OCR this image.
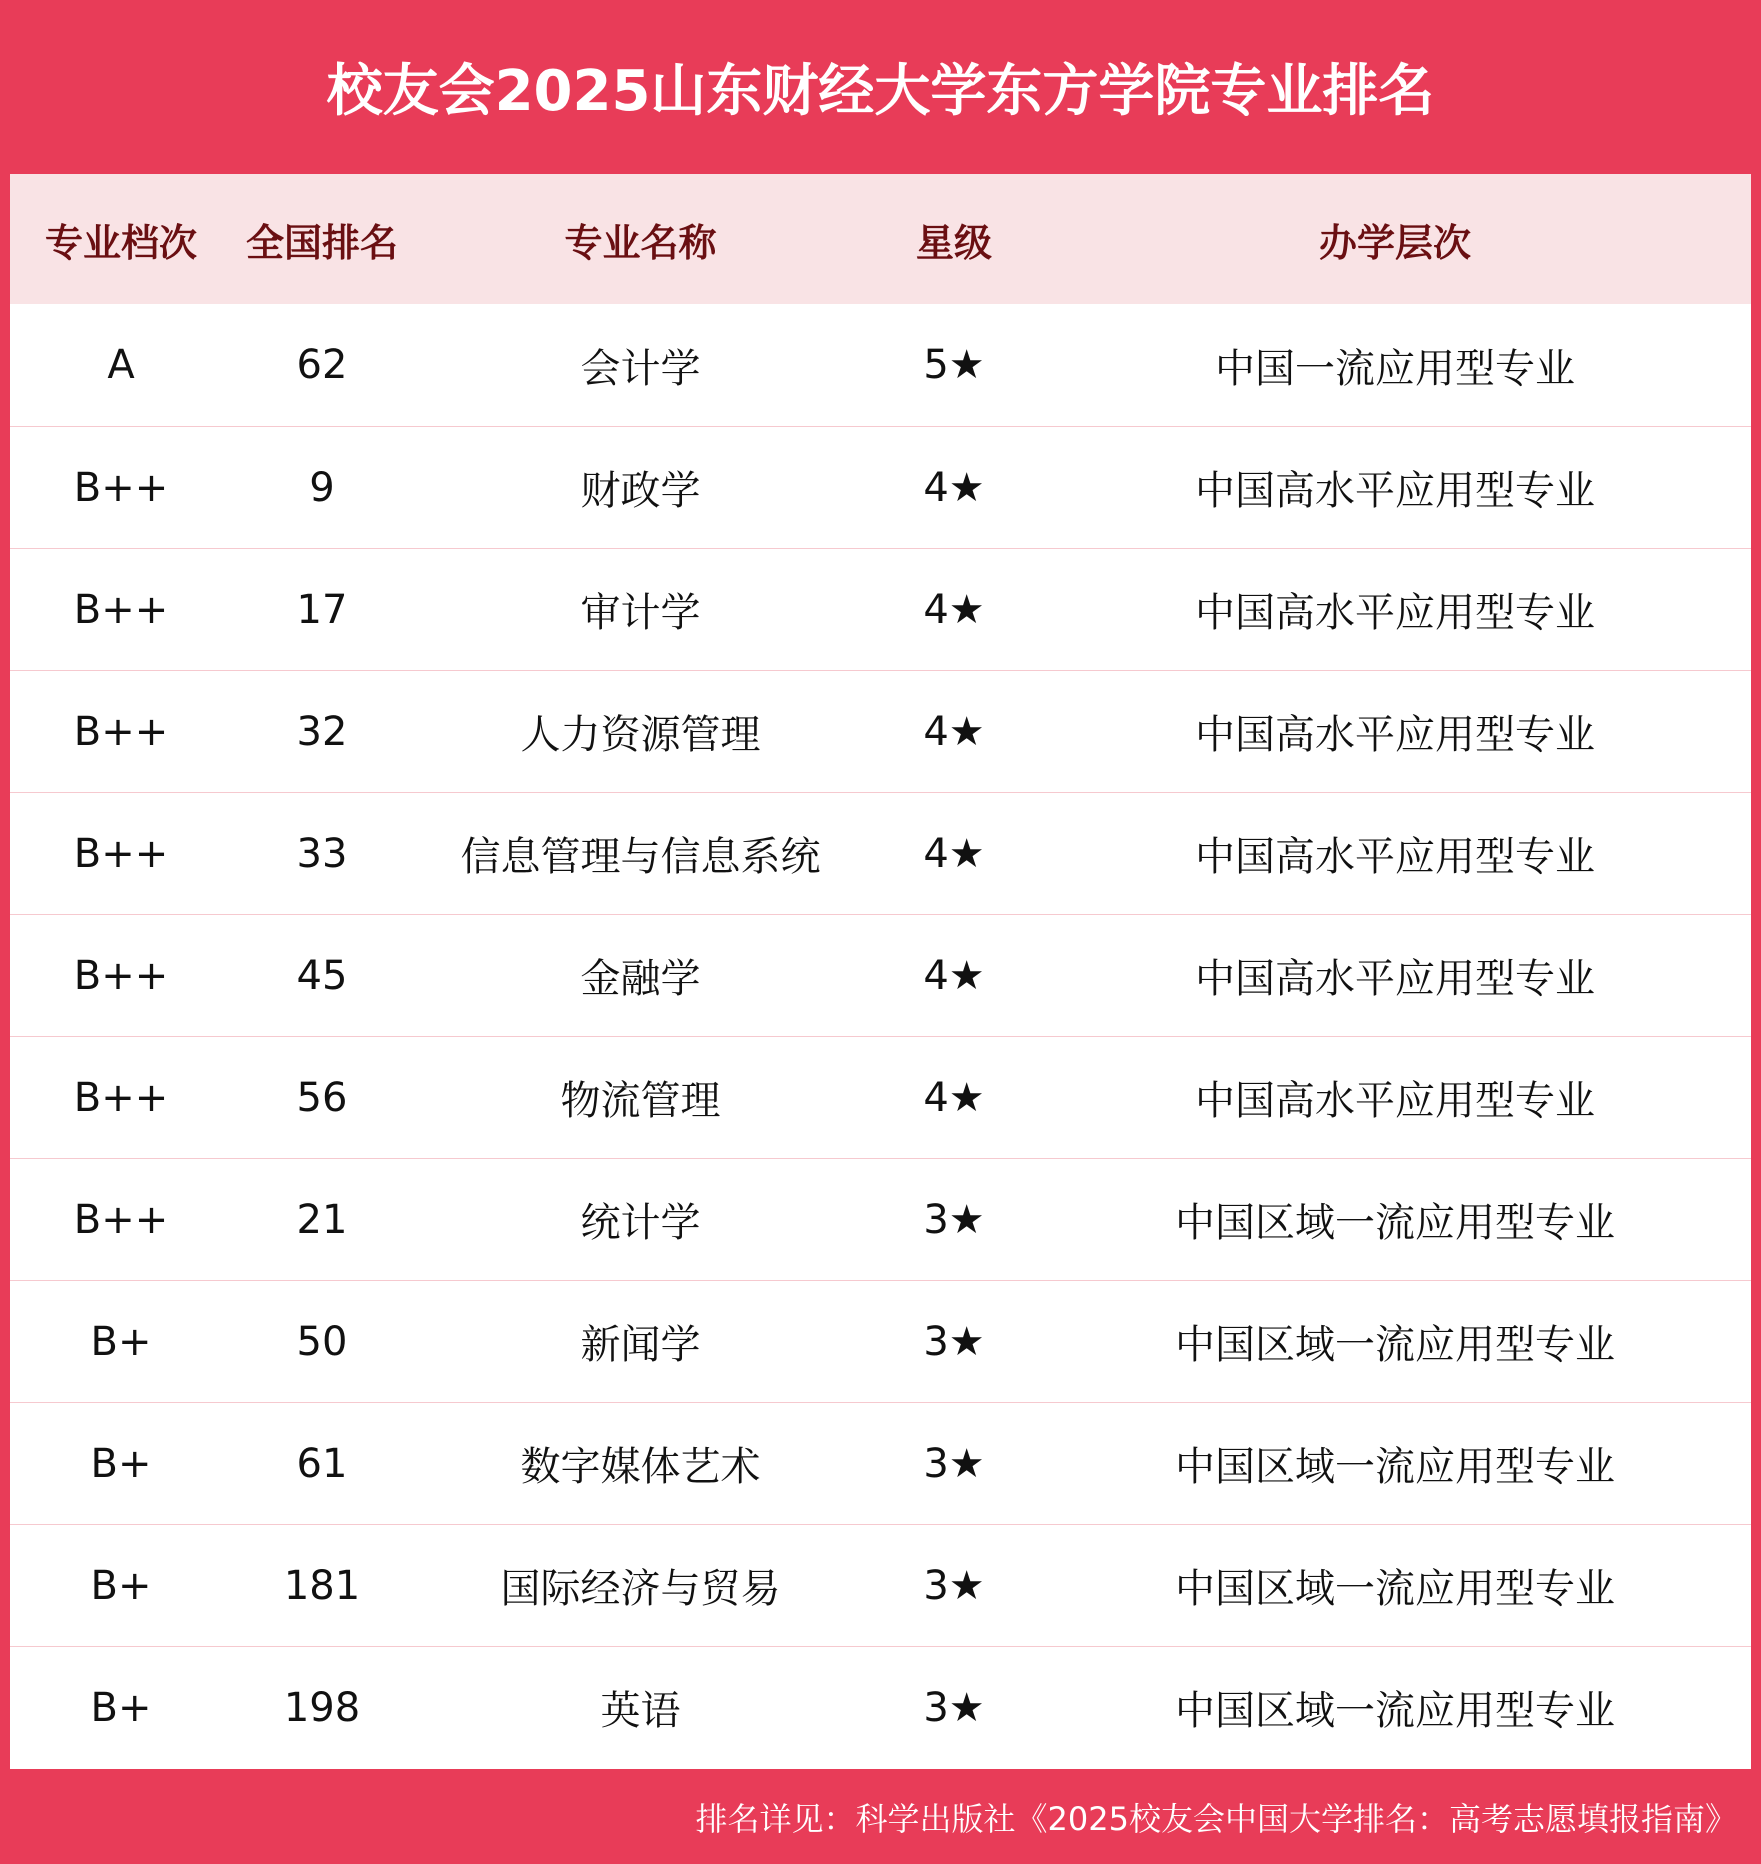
校友会2025山东财经大学东方学院专业排名
专业档次	全国排名	专业名称	星级	办学层次
A	62	会计学	5★	中国一流应用型专业
B++	9	财政学	4★	中国高水平应用型专业
B++	17	审计学	4★	中国高水平应用型专业
B++	32	人力资源管理	4★	中国高水平应用型专业
B++	33	信息管理与信息系统	4★	中国高水平应用型专业
B++	45	金融学	4★	中国高水平应用型专业
B++	56	物流管理	4★	中国高水平应用型专业
B++	21	统计学	3★	中国区域一流应用型专业
B+	50	新闻学	3★	中国区域一流应用型专业
B+	61	数字媒体艺术	3★	中国区域一流应用型专业
B+	181	国际经济与贸易	3★	中国区域一流应用型专业
B+	198	英语	3★	中国区域一流应用型专业
排名详见：科学出版社《2025校友会中国大学排名：高考志愿填报指南》
